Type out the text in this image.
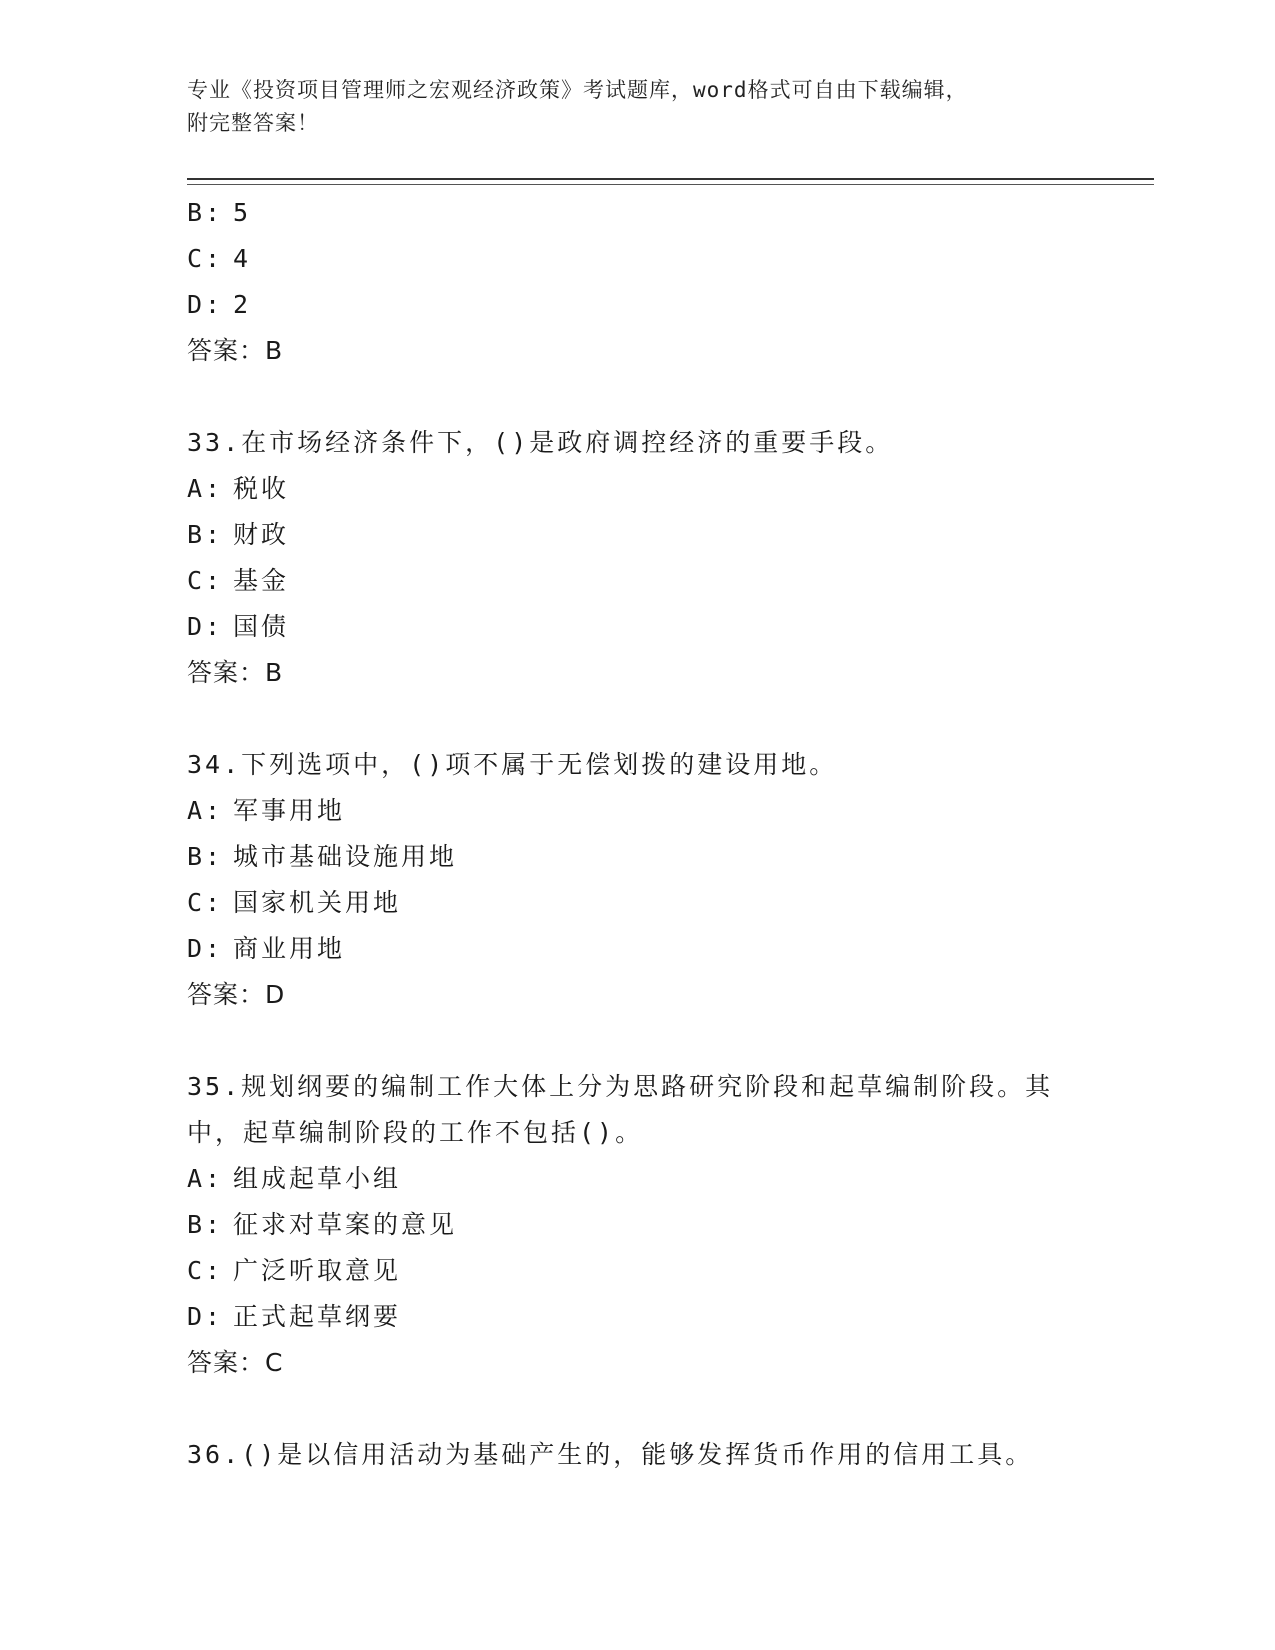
专业《投资项目管理师之宏观经济政策》考试题库，word格式可自由下载编辑，
附完整答案！
B: 5
C: 4
D: 2
答案：B
33.在市场经济条件下，()是政府调控经济的重要手段。
A: 税收
B: 财政
C: 基金
D: 国债
答案：B
34.下列选项中，()项不属于无偿划拨的建设用地。
A: 军事用地
B: 城市基础设施用地
C: 国家机关用地
D: 商业用地
答案：D
35.规划纲要的编制工作大体上分为思路研究阶段和起草编制阶段。其
中，起草编制阶段的工作不包括()。
A: 组成起草小组
B: 征求对草案的意见
C: 广泛听取意见
D: 正式起草纲要
答案：C
36.()是以信用活动为基础产生的，能够发挥货币作用的信用工具。
